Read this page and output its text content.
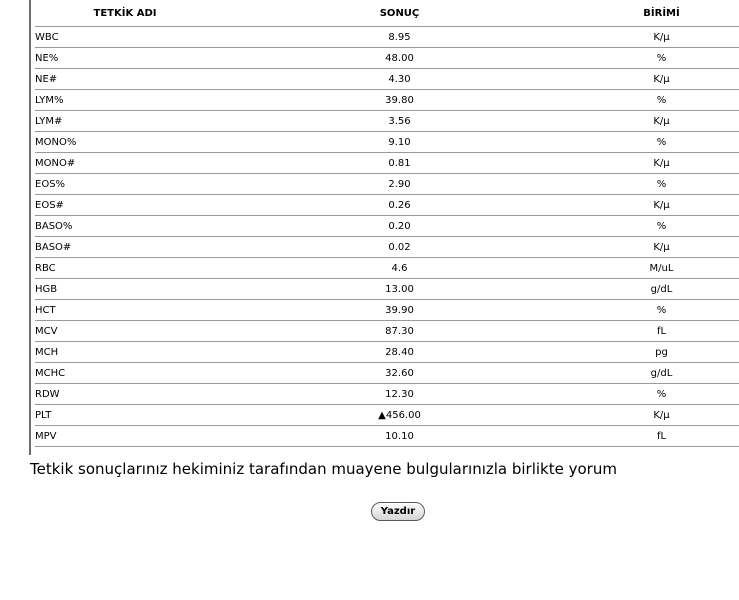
TETKİK ADI	SONUÇ	BİRİMİ
WBC	8.95	K/µ
NE%	48.00	%
NE#	4.30	K/µ
LYM%	39.80	%
LYM#	3.56	K/µ
MONO%	9.10	%
MONO#	0.81	K/µ
EOS%	2.90	%
EOS#	0.26	K/µ
BASO%	0.20	%
BASO#	0.02	K/µ
RBC	4.6	M/uL
HGB	13.00	g/dL
HCT	39.90	%
MCV	87.30	fL
MCH	28.40	pg
MCHC	32.60	g/dL
RDW	12.30	%
PLT	▲456.00	K/µ
MPV	10.10	fL
Tetkik sonuçlarınız hekiminiz tarafından muayene bulgularınızla birlikte yorum
Yazdır
